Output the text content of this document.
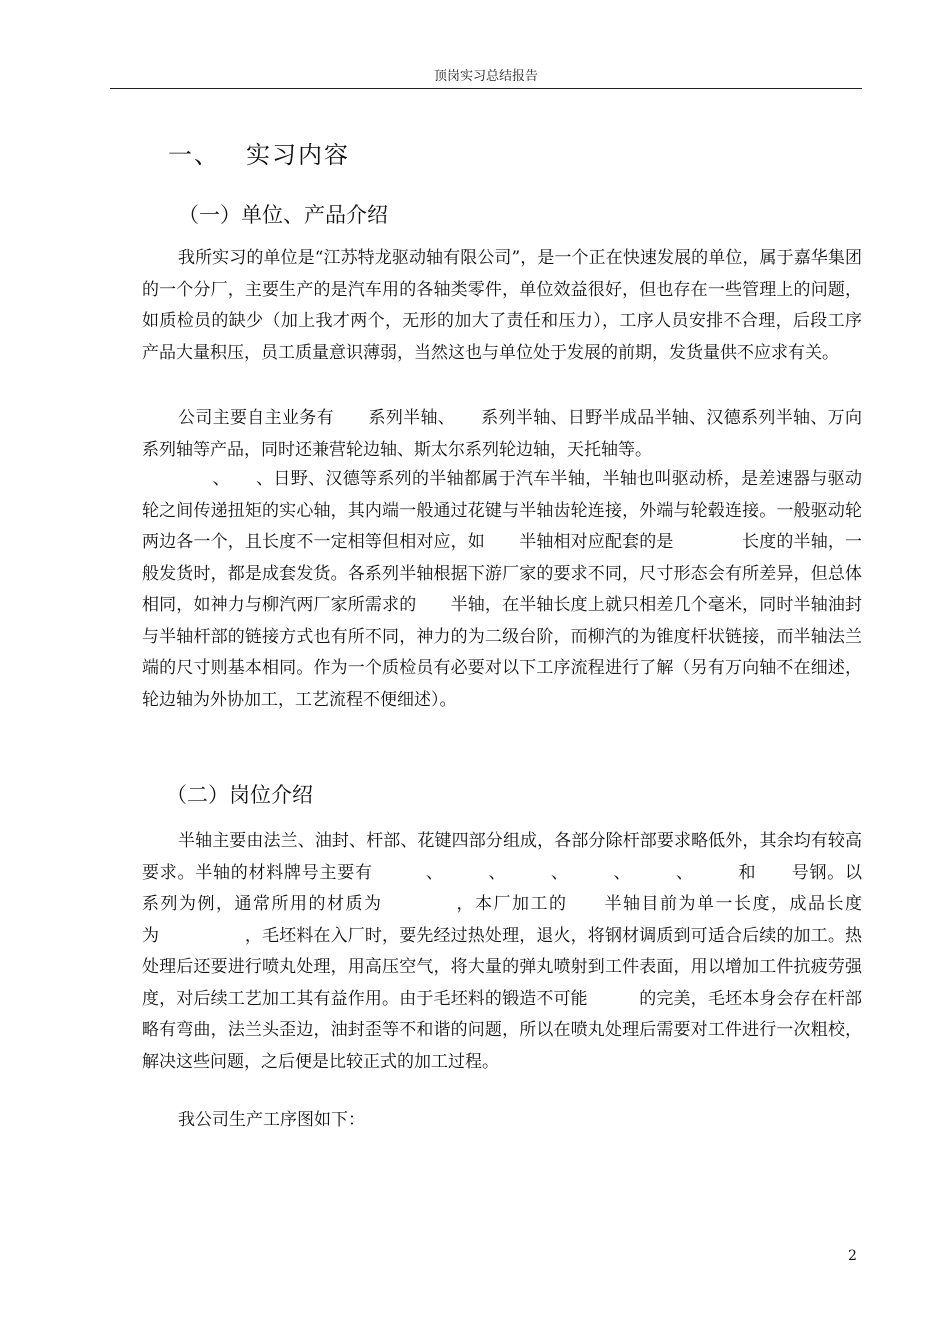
顶岗实习总结报告
一、 实习内容
（一）单位、产品介绍

我所实习的单位是“江苏特龙驱动轴有限公司”，是一个正在快速发展的单位，属于嘉华集团的一个分厂，主要生产的是汽车用的各轴类零件，单位效益很好，但也存在一些管理上的问题，如质检员的缺少（加上我才两个，无形的加大了责任和压力），工序人员安排不合理，后段工序产品大量积压，员工质量意识薄弱，当然这也与单位处于发展的前期，发货量供不应求有关。

公司主要自主业务有　　系列半轴、　　系列半轴、日野半成品半轴、汉德系列半轴、万向系列轴等产品，同时还兼营轮边轴、斯太尔系列轮边轴，天托轴等。

　　、　　、日野、汉德等系列的半轴都属于汽车半轴，半轴也叫驱动桥，是差速器与驱动轮之间传递扭矩的实心轴，其内端一般通过花键与半轴齿轮连接，外端与轮毂连接。一般驱动轮两边各一个，且长度不一定相等但相对应，如　　半轴相对应配套的是　　　　长度的半轴，一般发货时，都是成套发货。各系列半轴根据下游厂家的要求不同，尺寸形态会有所差异，但总体相同，如神力与柳汽两厂家所需求的　　半轴，在半轴长度上就只相差几个毫米，同时半轴油封与半轴杆部的链接方式也有所不同，神力的为二级台阶，而柳汽的为锥度杆状链接，而半轴法兰端的尺寸则基本相同。作为一个质检员有必要对以下工序流程进行了解（另有万向轴不在细述，轮边轴为外协加工，工艺流程不便细述）。

（二）岗位介绍

半轴主要由法兰、油封、杆部、花键四部分组成，各部分除杆部要求略低外，其余均有较高要求。半轴的材料牌号主要有　　　、　　　、　　　、　　　、　　　、　　　和　　号钢。以　　系列为例，通常所用的材质为　　　　，本厂加工的　　半轴目前为单一长度，成品长度为　　　　　，毛坯料在入厂时，要先经过热处理，退火，将钢材调质到可适合后续的加工。热处理后还要进行喷丸处理，用高压空气，将大量的弹丸喷射到工件表面，用以增加工件抗疲劳强度，对后续工艺加工其有益作用。由于毛坯料的锻造不可能　　　的完美，毛坯本身会存在杆部略有弯曲，法兰头歪边，油封歪等不和谐的问题，所以在喷丸处理后需要对工件进行一次粗校，解决这些问题，之后便是比较正式的加工过程。

我公司生产工序图如下：

2
